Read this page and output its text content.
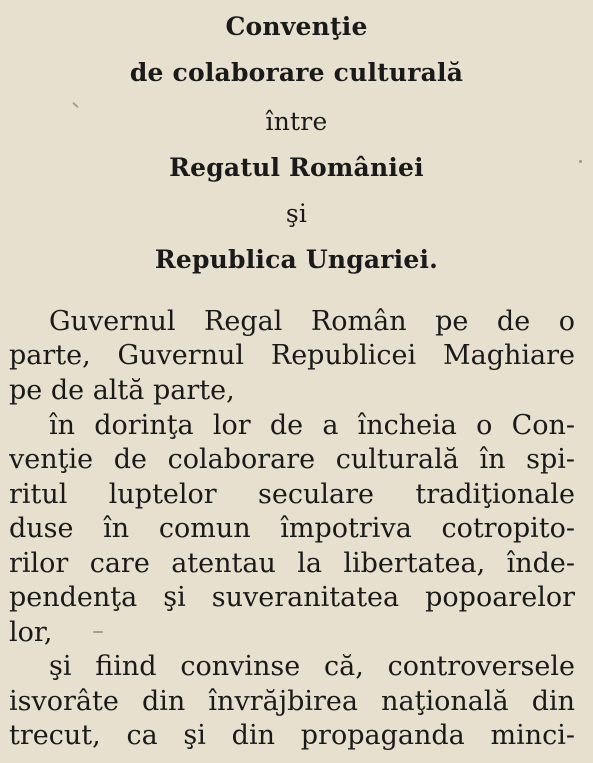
Convenţie
de colaborare culturală
între
Regatul României
şi
Republica Ungariei.
Guvernul Regal Român pe de o
parte, Guvernul Republicei Maghiare
pe de altă parte,
în dorinţa lor de a încheia o Con-
venţie de colaborare culturală în spi-
ritul luptelor seculare tradiţionale
duse în comun împotriva cotropito-
rilor care atentau la libertatea, înde-
pendenţa şi suveranitatea popoarelor
lor,
şi fiind convinse că, controversele
isvorâte din învrăjbirea naţională din
trecut, ca şi din propaganda minci-
